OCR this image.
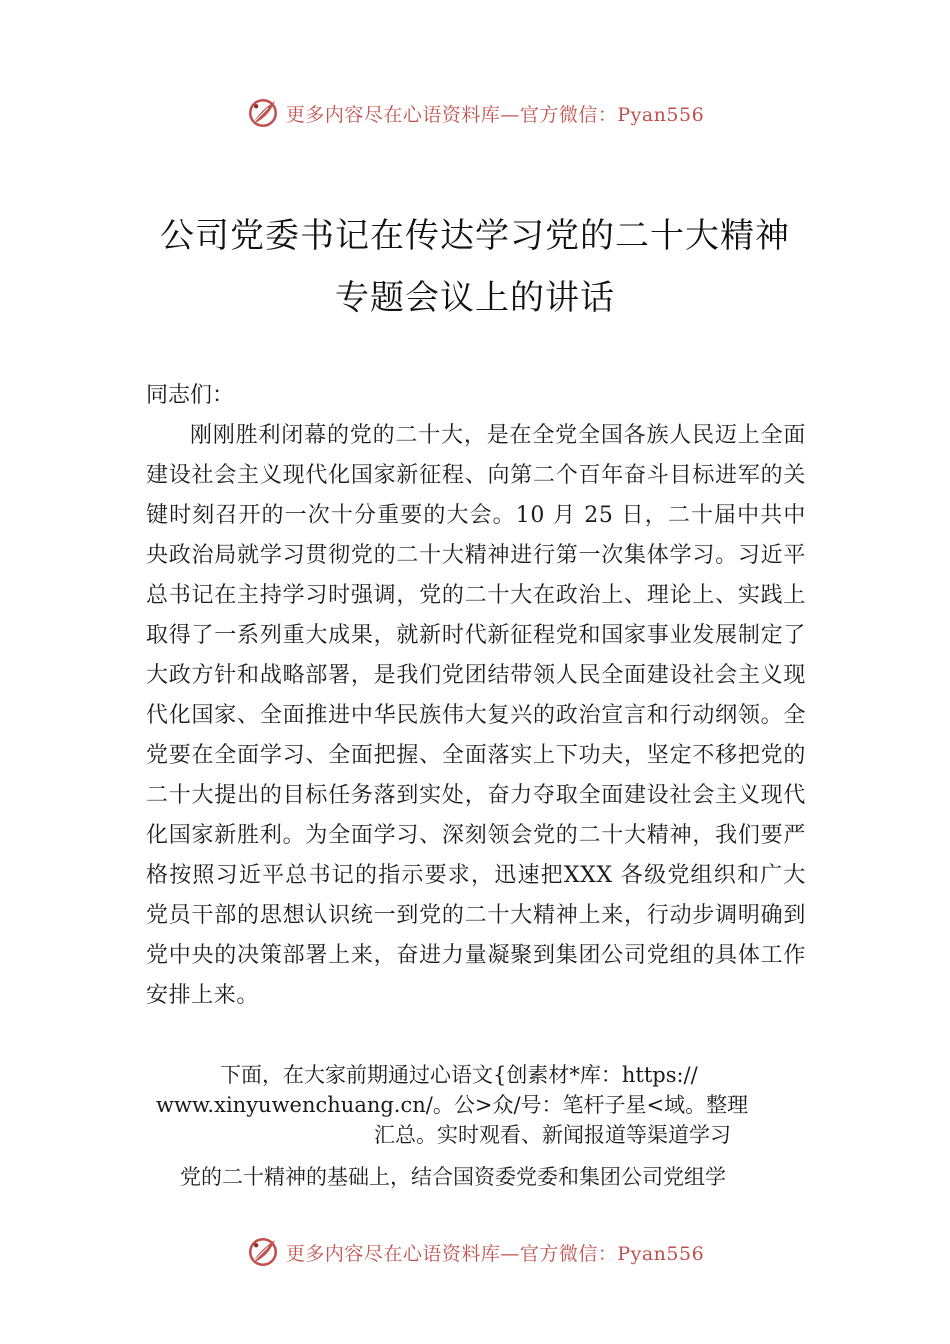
更多内容尽在心语资料库—官方微信：Pyan556
公司党委书记在传达学习党的二十大精神
专题会议上的讲话
同志们：
刚刚胜利闭幕的党的二十大，是在全党全国各族人民迈上全面建设社会主义现代化国家新征程、向第二个百年奋斗目标进军的关键时刻召开的一次十分重要的大会。10 月 25 日，二十届中共中央政治局就学习贯彻党的二十大精神进行第一次集体学习。习近平总书记在主持学习时强调，党的二十大在政治上、理论上、实践上取得了一系列重大成果，就新时代新征程党和国家事业发展制定了大政方针和战略部署，是我们党团结带领人民全面建设社会主义现代化国家、全面推进中华民族伟大复兴的政治宣言和行动纲领。全党要在全面学习、全面把握、全面落实上下功夫，坚定不移把党的二十大提出的目标任务落到实处，奋力夺取全面建设社会主义现代化国家新胜利。为全面学习、深刻领会党的二十大精神，我们要严格按照习近平总书记的指示要求，迅速把XXX 各级党组织和广大党员干部的思想认识统一到党的二十大精神上来，行动步调明确到党中央的决策部署上来，奋进力量凝聚到集团公司党组的具体工作安排上来。
下面，在大家前期通过心语文{创素材*库：https://
www.xinyuwenchuang.cn/。公>众/号：笔杆子星<域。整理
汇总。实时观看、新闻报道等渠道学习
党的二十精神的基础上，结合国资委党委和集团公司党组学
更多内容尽在心语资料库—官方微信：Pyan556
